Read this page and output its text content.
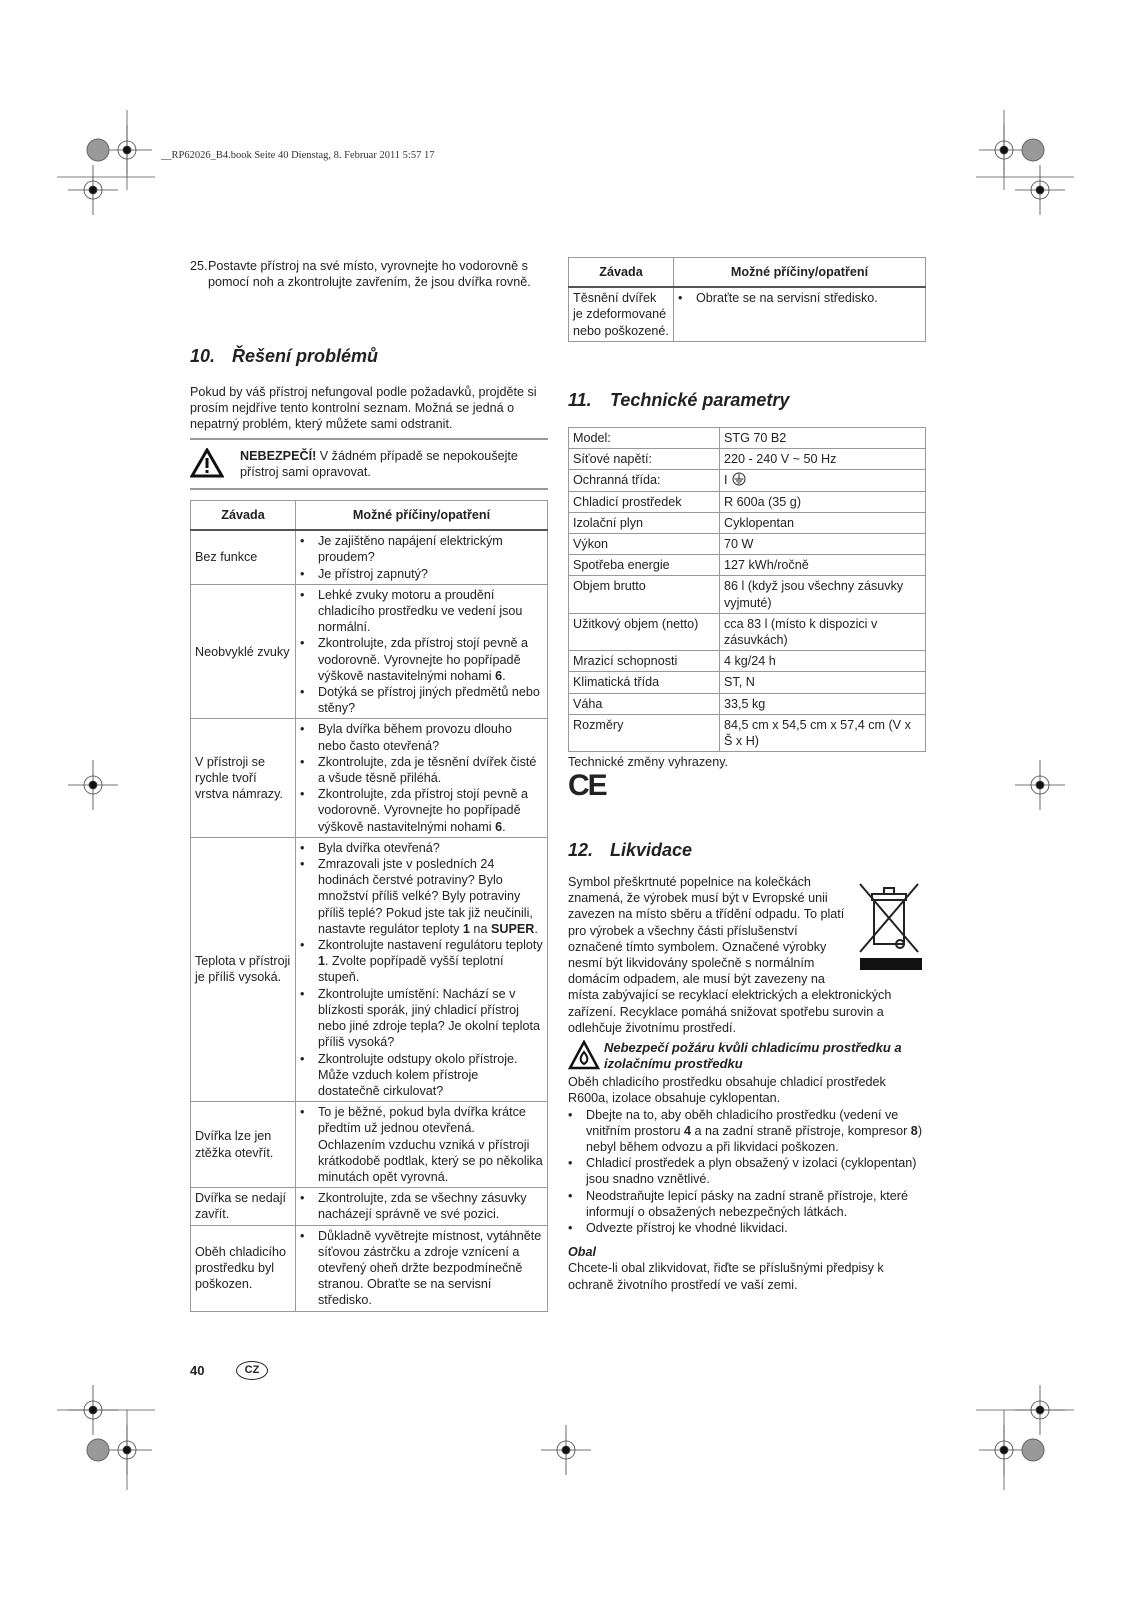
__RP62026_B4.book Seite 40 Dienstag, 8. Februar 2011 5:57 17
25. Postavte přístroj na své místo, vyrovnejte ho vodorovně s pomocí noh a zkontrolujte zavřením, že jsou dvířka rovně.

10. Řešení problémů

Pokud by váš přístroj nefungoval podle požadavků, projděte si prosím nejdříve tento kontrolní seznam. Možná se jedná o nepatrný problém, který můžete sami odstranit.

NEBEZPEČÍ! V žádném případě se nepokoušejte přístroj sami opravovat.

Závada	Možné příčiny/opatření
Bez funkce	
• Je zajištěno napájení elektrickým proudem?
• Je přístroj zapnutý?

Neobvyklé zvuky	
• Lehké zvuky motoru a proudění chladicího prostředku ve vedení jsou normální.
• Zkontrolujte, zda přístroj stojí pevně a vodorovně. Vyrovnejte ho popřípadě výškově nastavitelnými nohami 6.
• Dotýká se přístroj jiných předmětů nebo stěny?

V přístroji se rychle tvoří vrstva námrazy.	
• Byla dvířka během provozu dlouho nebo často otevřená?
• Zkontrolujte, zda je těsnění dvířek čisté a všude těsně přiléhá.
• Zkontrolujte, zda přístroj stojí pevně a vodorovně. Vyrovnejte ho popřípadě výškově nastavitelnými nohami 6.

Teplota v přístroji je příliš vysoká.	
• Byla dvířka otevřená?
• Zmrazovali jste v posledních 24 hodinách čerstvé potraviny? Bylo množství příliš velké? Byly potraviny příliš teplé? Pokud jste tak již neučinili, nastavte regulátor teploty 1 na SUPER.
• Zkontrolujte nastavení regulátoru teploty 1. Zvolte popřípadě vyšší teplotní stupeň.
• Zkontrolujte umístění: Nachází se v blízkosti sporák, jiný chladicí přístroj nebo jiné zdroje tepla? Je okolní teplota příliš vysoká?
• Zkontrolujte odstupy okolo přístroje. Může vzduch kolem přístroje dostatečně cirkulovat?

Dvířka lze jen ztěžka otevřít.	
• To je běžné, pokud byla dvířka krátce předtím už jednou otevřená. Ochlazením vzduchu vzniká v přístroji krátkodobě podtlak, který se po několika minutách opět vyrovná.

Dvířka se nedají zavřít.	
• Zkontrolujte, zda se všechny zásuvky nacházejí správně ve své pozici.

Oběh chladicího prostředku byl poškozen.	
• Důkladně vyvětrejte místnost, vytáhněte síťovou zástrčku a zdroje vznícení a otevřený oheň držte bezpodmínečně stranou. Obraťte se na servisní středisko.
Závada	Možné příčiny/opatření
Těsnění dvířek je zdeformované nebo poškozené.	
• Obraťte se na servisní středisko.
11. Technické parametry
Model:	STG 70 B2
Síťové napětí:	220 - 240 V ~ 50 Hz
Ochranná třída:	I
Chladicí prostředek	R 600a (35 g)
Izolační plyn	Cyklopentan
Výkon	70 W
Spotřeba energie	127 kWh/ročně
Objem brutto	86 l (když jsou všechny zásuvky vyjmuté)
Užitkový objem (netto)	cca 83 l (místo k dispozici v zásuvkách)
Mrazicí schopnosti	4 kg/24 h
Klimatická třída	ST, N
Váha	33,5 kg
Rozměry	84,5 cm x 54,5 cm x 57,4 cm (V x Š x H)
Technické změny vyhrazeny.
CE
12. Likvidace

Symbol přeškrtnuté popelnice na kolečkách znamená, že výrobek musí být v Evropské unii zavezen na místo sběru a třídění odpadu. To platí pro výrobek a všechny části příslušenství označené tímto symbolem. Označené výrobky nesmí být likvidovány společně s normálním domácím odpadem, ale musí být zavezeny na místa zabývající se recyklací elektrických a elektronických zařízení. Recyklace pomáhá snižovat spotřebu surovin a odlehčuje životnímu prostředí.

Nebezpečí požáru kvůli chladicímu prostředku a izolačnímu prostředku

Oběh chladicího prostředku obsahuje chladicí prostředek R600a, izolace obsahuje cyklopentan.

• Dbejte na to, aby oběh chladicího prostředku (vedení ve vnitřním prostoru 4 a na zadní straně přístroje, kompresor 8) nebyl během odvozu a při likvidaci poškozen.
• Chladicí prostředek a plyn obsažený v izolaci (cyklopentan) jsou snadno vznětlivé.
• Neodstraňujte lepicí pásky na zadní straně přístroje, které informují o obsažených nebezpečných látkách.
• Odvezte přístroj ke vhodné likvidaci.

Obal

Chcete-li obal zlikvidovat, řiďte se příslušnými předpisy k ochraně životního prostředí ve vaší zemi.

40	CZ
